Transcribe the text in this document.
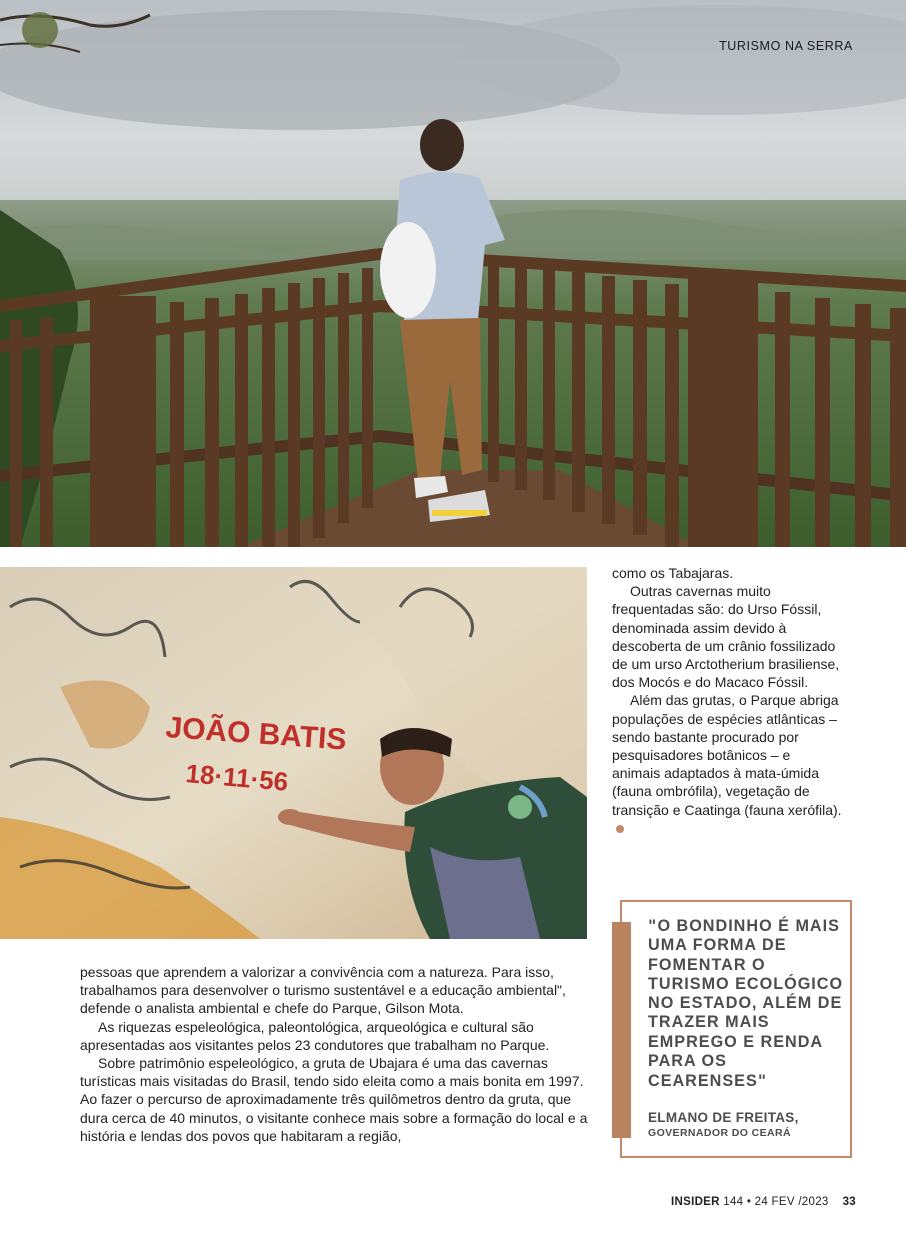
TURISMO NA SERRA
JOÃO BATIS
18·11·56

como os Tabajaras.

Outras cavernas muito frequentadas são: do Urso Fóssil, denominada assim devido à descoberta de um crânio fossilizado de um urso Arctotherium brasiliense, dos Mocós e do Macaco Fóssil.

Além das grutas, o Parque abriga populações de espécies atlânticas – sendo bastante procurado por pesquisadores botânicos – e animais adaptados à mata-úmida (fauna ombrófila), vegetação de transição e Caatinga (fauna xerófila).

"O BONDINHO É MAIS UMA FORMA DE FOMENTAR O TURISMO ECOLÓGICO NO ESTADO, ALÉM DE TRAZER MAIS EMPREGO E RENDA PARA OS CEARENSES"
ELMANO DE FREITAS,
GOVERNADOR DO CEARÁ

pessoas que aprendem a valorizar a convivência com a natureza. Para isso, trabalhamos para desenvolver o turismo sustentável e a educação ambiental", defende o analista ambiental e chefe do Parque, Gilson Mota.

As riquezas espeleológica, paleontológica, arqueológica e cultural são apresentadas aos visitantes pelos 23 condutores que trabalham no Parque.

Sobre patrimônio espeleológico, a gruta de Ubajara é uma das cavernas turísticas mais visitadas do Brasil, tendo sido eleita como a mais bonita em 1997. Ao fazer o percurso de aproximadamente três quilômetros dentro da gruta, que dura cerca de 40 minutos, o visitante conhece mais sobre a formação do local e a história e lendas dos povos que habitaram a região,

INSIDER 144 • 24 FEV /2023 33
